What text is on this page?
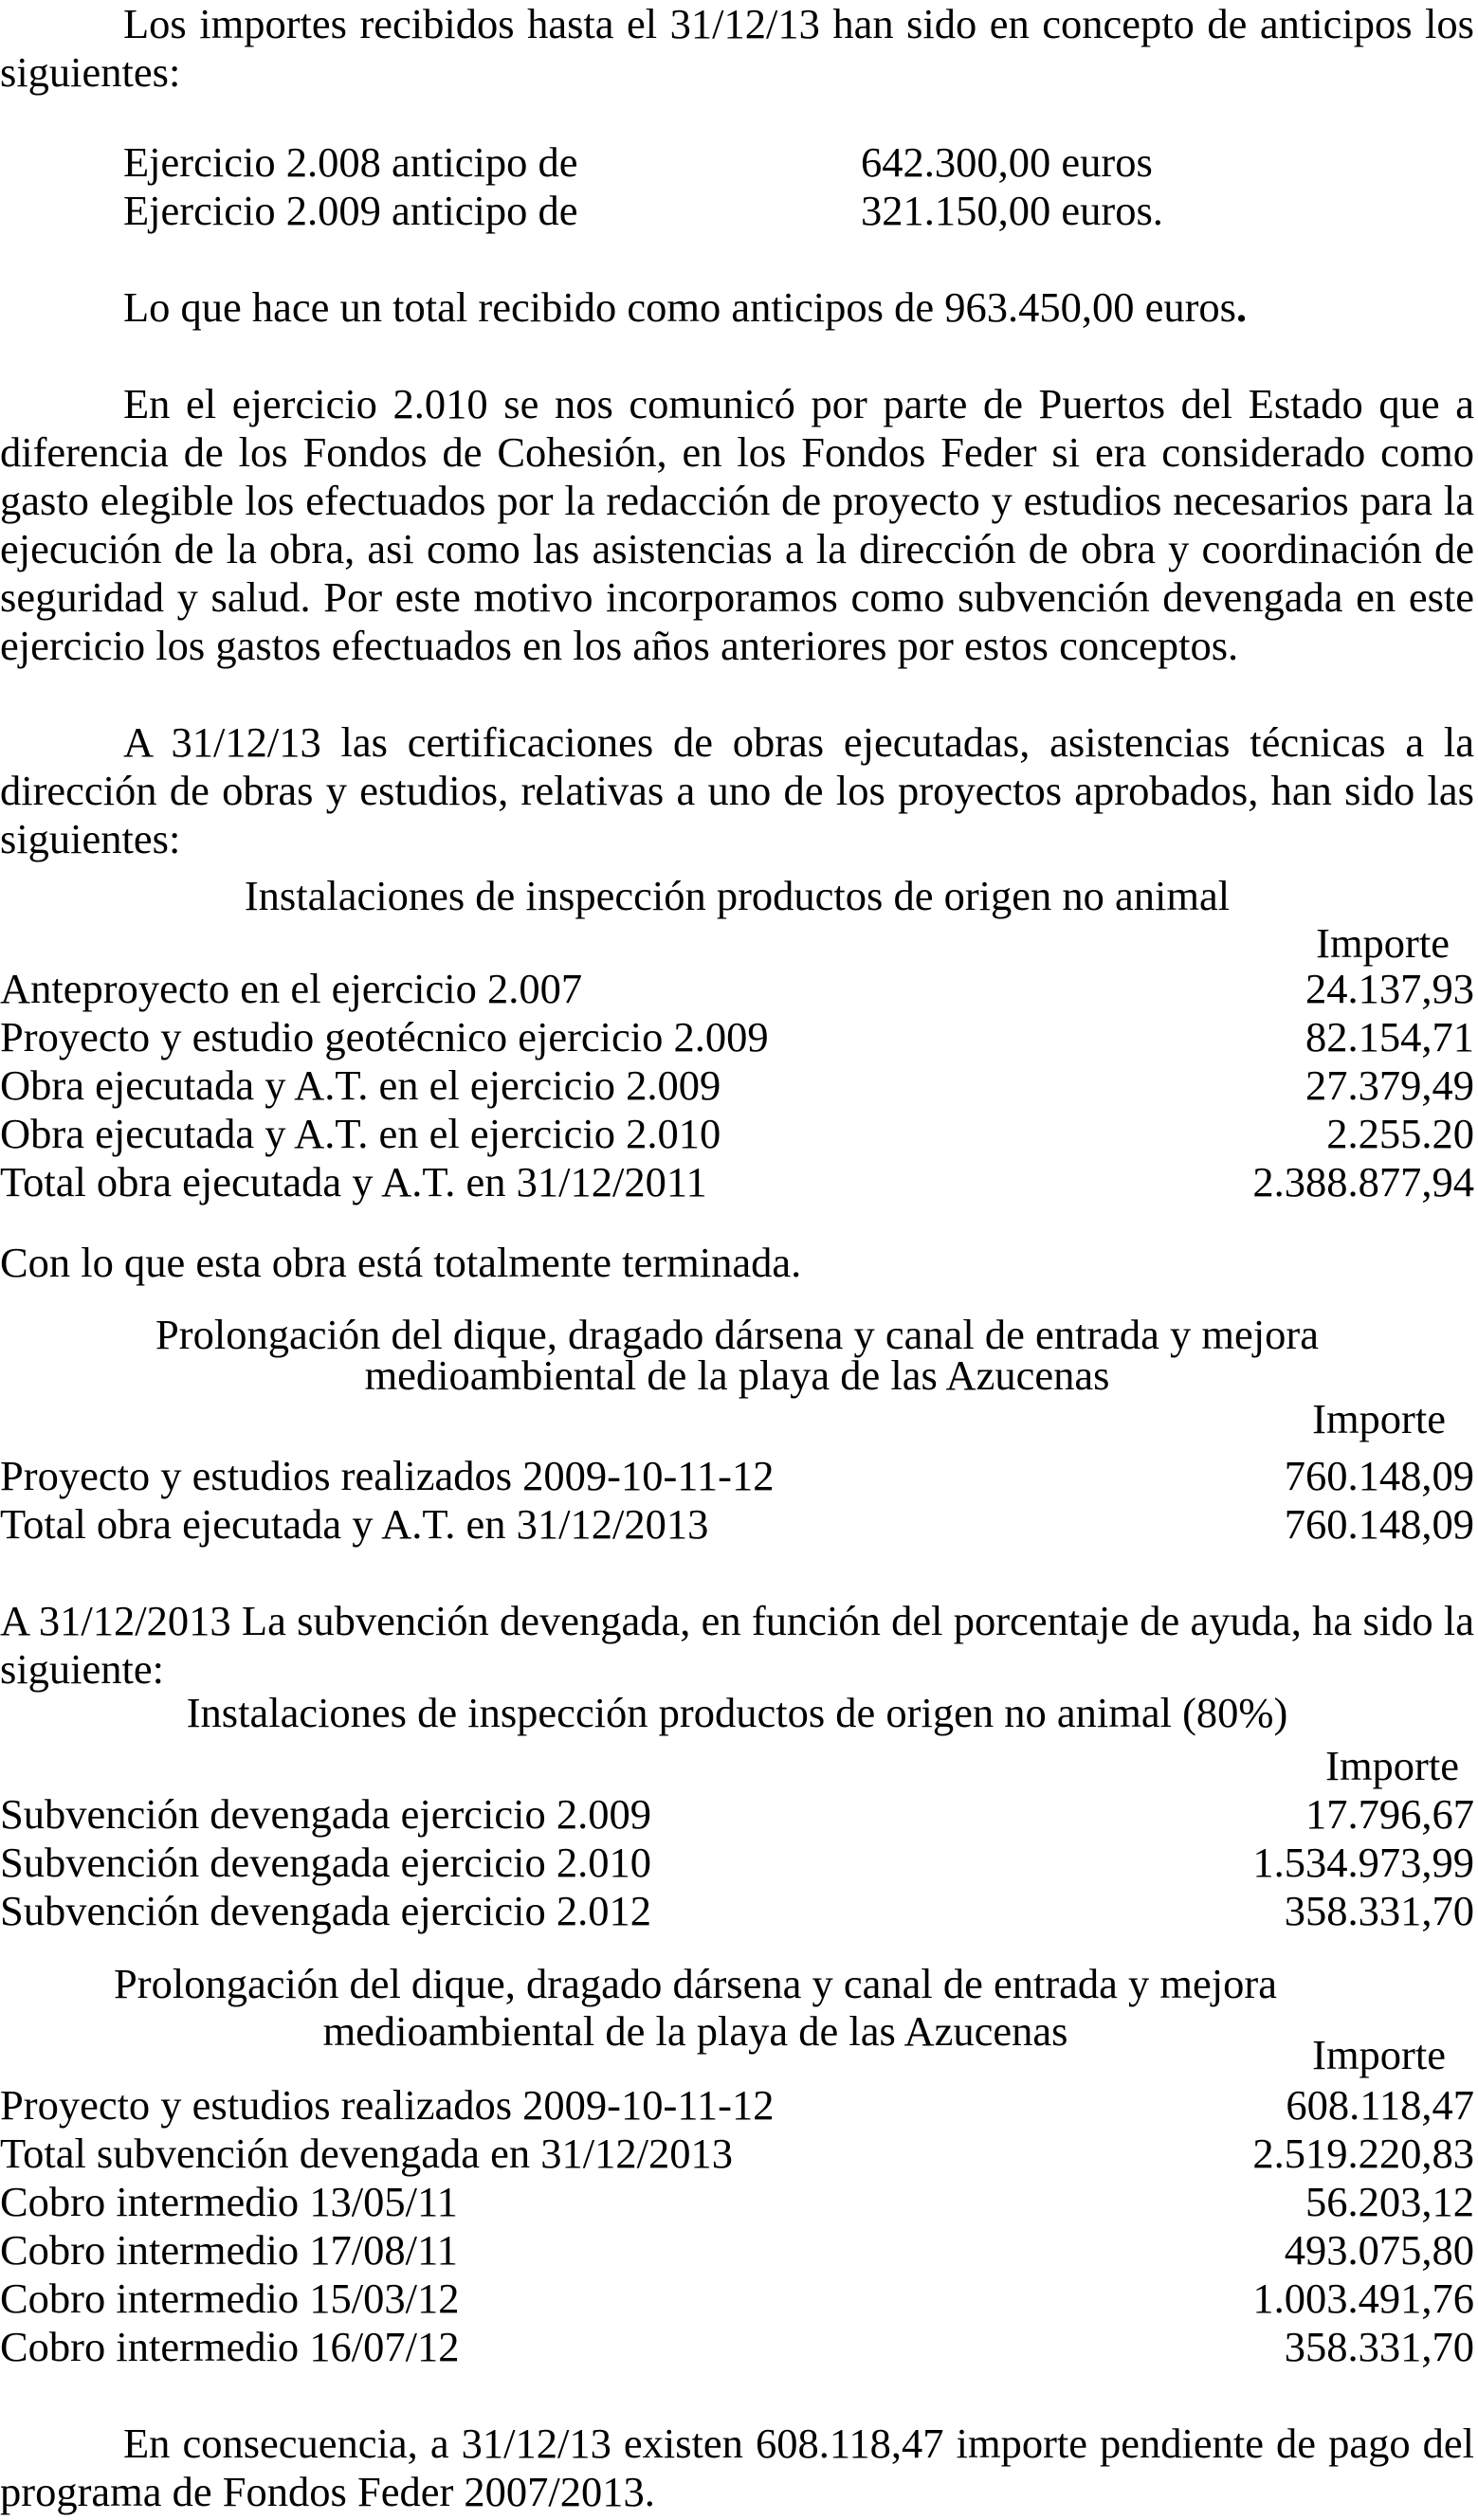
Los importes recibidos hasta el 31/12/13 han sido en concepto de anticipos los siguientes:

Ejercicio 2.008 anticipo de	642.300,00 euros
Ejercicio 2.009 anticipo de	321.150,00 euros.
Lo que hace un total recibido como anticipos de 963.450,00 euros.

En el ejercicio 2.010 se nos comunicó por parte de Puertos del Estado que a diferencia de los Fondos de Cohesión, en los Fondos Feder si era considerado como gasto elegible los efectuados por la redacción de proyecto y estudios necesarios para la ejecución de la obra, asi como las asistencias a la dirección de obra y coordinación de seguridad y salud. Por este motivo incorporamos como subvención devengada en este ejercicio los gastos efectuados en los años anteriores por estos conceptos.

A 31/12/13 las certificaciones de obras ejecutadas, asistencias técnicas a la dirección de obras y estudios, relativas a uno de los proyectos aprobados, han sido las siguientes:

Instalaciones de inspección productos de origen no animal
Importe
Anteproyecto en el ejercicio 2.007	24.137,93
Proyecto y estudio geotécnico ejercicio 2.009	82.154,71
Obra ejecutada y A.T. en el ejercicio 2.009	27.379,49
Obra ejecutada y A.T. en el ejercicio 2.010	2.255.20
Total obra ejecutada y A.T. en 31/12/2011	2.388.877,94
Con lo que esta obra está totalmente terminada.
Prolongación del dique, dragado dársena y canal de entrada y mejora
medioambiental de la playa de las Azucenas
Importe
Proyecto y estudios realizados 2009-10-11-12	760.148,09
Total obra ejecutada y A.T. en 31/12/2013	760.148,09

A 31/12/2013 La subvención devengada, en función del porcentaje de ayuda, ha sido la siguiente:

Instalaciones de inspección productos de origen no animal (80%)
Importe
Subvención devengada ejercicio 2.009	17.796,67
Subvención devengada ejercicio 2.010	1.534.973,99
Subvención devengada ejercicio 2.012	358.331,70
Prolongación del dique, dragado dársena y canal de entrada y mejora
medioambiental de la playa de las Azucenas	Importe
Proyecto y estudios realizados 2009-10-11-12	608.118,47
Total subvención devengada en 31/12/2013	2.519.220,83
Cobro intermedio 13/05/11	56.203,12
Cobro intermedio 17/08/11	493.075,80
Cobro intermedio 15/03/12	1.003.491,76
Cobro intermedio 16/07/12	358.331,70

En consecuencia, a 31/12/13 existen 608.118,47 importe pendiente de pago del programa de Fondos Feder 2007/2013.
